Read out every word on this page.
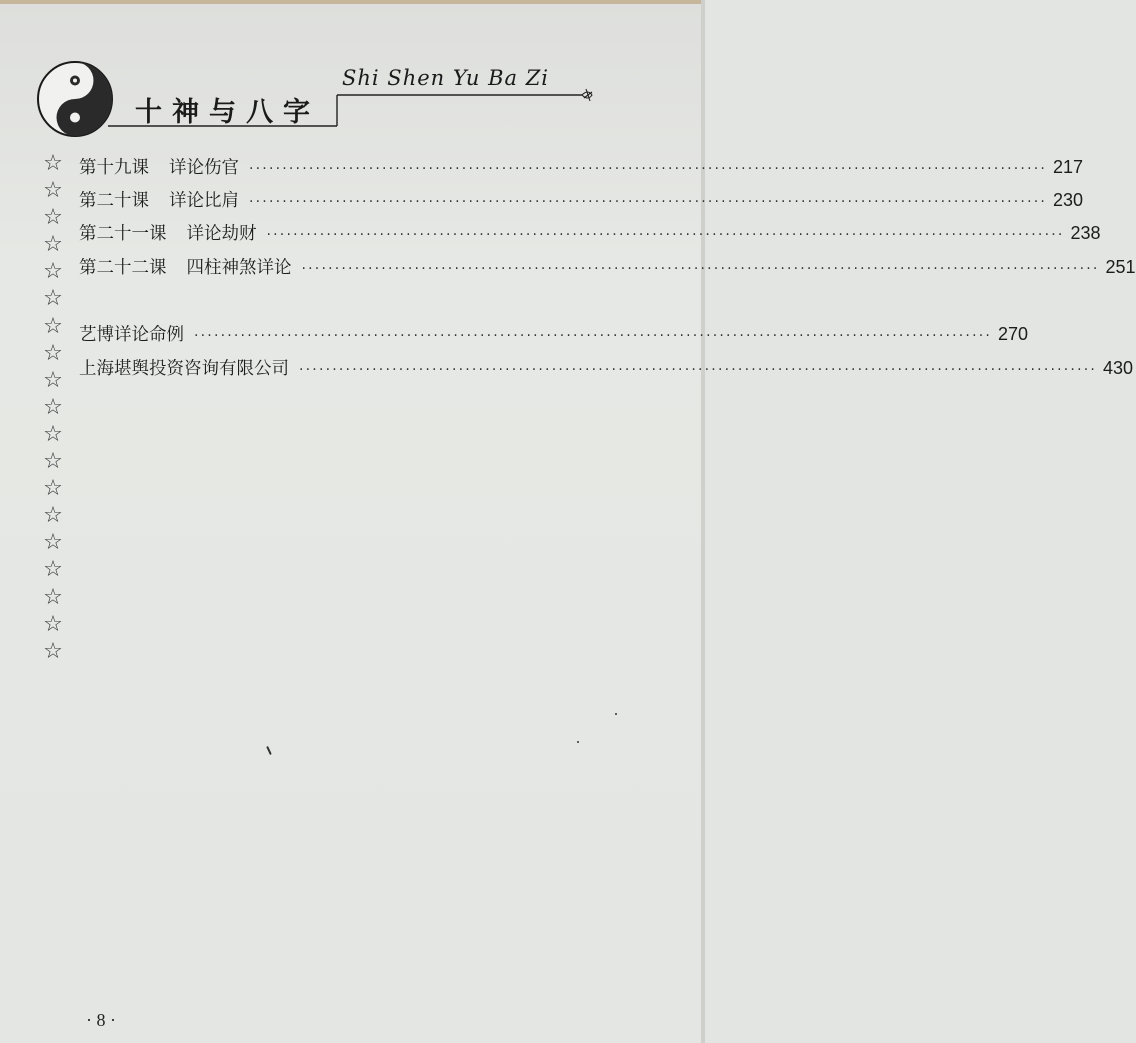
十神与八字
Shi Shen Yu Ba Zi
☆
☆
☆
☆
☆
☆
☆
☆
☆
☆
☆
☆
☆
☆
☆
☆
☆
☆
☆
第十九课 详论伤官 ························································································································ 217
第二十课 详论比肩 ························································································································ 230
第二十一课 详论劫财 ························································································································ 238
第二十二课 四柱神煞详论 ························································································································ 251
艺博详论命例 ························································································································ 270
上海堪舆投资咨询有限公司 ························································································································ 430
· 8 ·
